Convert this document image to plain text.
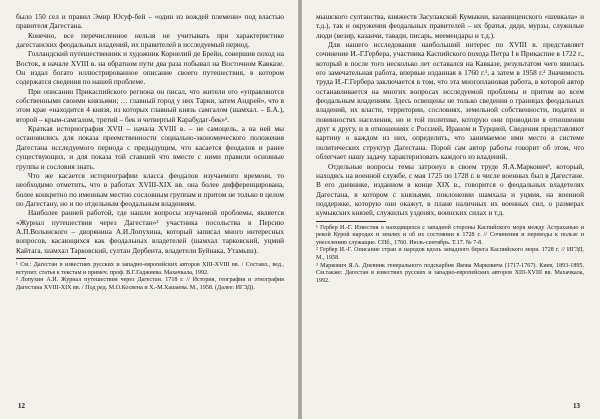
было 150 сел и правил Эмир Юсуф-бей – «один из вождей племени» под властью правителя Дагестана.

Конечно, все перечисленное нельзя не учитывать при характеристике дагестанских феодальных владений, их правителей в исследуемый период.

Голландский путешественник и художник Корнелий де Брейн, совершив поход на Восток, в начале XVIII в. на обратном пути два раза побывал на Восточном Кавказе. Он издал богато иллюстрированное описание своего путешествия, в котором содержатся сведения по нашей проблеме.

При описании Прикаспийского региона он писал, что жители его «управляются собственными своими князьями; … главный город у них Тарки, затем Андрей», что в этом крае «находится 4 князя, из которых главный князь самгалом (шамхал. – Б.А.), второй – крым-самгалом, третий – бек и четвертый Карабудаг-бек»¹.

Краткая историография XVII – начала XVIII в. – не самоцель, а на ней мы остановились для показа преемственности социально-экономического положения Дагестана исследуемого периода с предыдущим, что касается феодалов и ранее существующих, и для показа той ставшей что вместе с ними правили основные группы и сословия знать.

Что же касается историографии класса феодалов изучаемого времени, то необходимо отметить, что в работах XVIII-XIX вв. она более дифференцирована, более конкретно по именным местно сословным группам и притом не только в целом по Дагестану, но и по отдельным феодальным владениям.

Наиболее ранней работой, где нашли вопросы изучаемой проблемы, является «Журнал путешествия через Дагестан»² участника посольства в Персию А.П.Волынского – дворянина А.И.Лопухина, который записал много интересных вопросов, касающихся как феодальных владетелей (шамхал тарковский, уцмий Кайтага, шамхал Тарковский, султан Дербента, владетели Буйнака, Утамыш).

¹ См.: Дагестан в известиях русских и западно-европейских авторов XIII-XVIII вв. / Составл., вед., вступит. статья к текстам и примеч. проф. В.Г.Гаджиева. Махачкала, 1992.

² Лопухин А.И. Журнал путешествия через Дагестан. 1718 г. // История, география и этнография Дагестана XVIII-XIX вв. / Под ред. М.О.Косвена и Х.-М.Хашаева. М., 1958. (Далее: ИГЭД).

12

мышского султанства, княжеств Засулакской Кумыкии, казанищенского «шевкала» и т.д.), так и окружения феодальных правителей – их братья, дяди, мурзы, служилые люди (везир, казанчи, тавади, писарь, меемендары и т.д.).

Для нашего исследования наибольший интерес по XVIII в. представляет сочинение И.-Г.Гербера, участника Каспийского похода Петра I в Прикаспие в 1722 г., который в после того несколько лет оставался на Кавказе, результатом чего явилась его замечательная работа, впервые изданная в 1760 г.¹, а затем в 1958 г.² Значимость труда И.-Г.Гербера заключается в том, что эта многоплановая работа, в которой автор останавливается на многих вопросах исследуемой проблемы и притом во всем феодальным владениям. Здесь освещены не только сведения о границах феодальных владений, их власти, территории, сословиях, земельной собственности, податях и повинностях населения, но и той политике, которую они проводили в отношении друг к другу, и в отношениях с Россией, Ираном и Турцией, Сведения представляют картину о каждом из них, определить, что занимаемое ими место в системе политических структур Дагестана. Порой сам автор работы говорит об этом, что облегчает нашу задачу характеризовать каждого из владений.

Отдельные вопросы темы затронул в своем труде Я.А.Маркович³, который, находясь на военной службе, с мая 1725 по 1728 г. в числе военных был в Дагестане. В его дневнике, изданном в конце XIX в., говорится о феодальных владетелях Дагестана, в котором с князьями, поклонении шамхала и уцмия, на военной поддержке, которую они окажут, в плане наличных их военных сил, о размерах кумыкских князей, служилых узденях, воинских силах и т.д.

¹ Гербер И.-Г. Известия о находящихся с западной стороны Каспийского моря между Астраханью и рекой Курой народах и землях и об их состоянии в 1728 г. // Сочинения и переводы к пользе и увеселению служащие. СПб., 1760. Июль-сентябрь. Т.17. № 7-8.

² Гербер И.-Г. Описание стран и народов вдоль западного берега Каспийского моря. 1728 г. // ИГЭД. М., 1958.

³ Маркович Я.А. Дневник генерального подскарбия Якова Марковича (1717-1767). Киев, 1893-1895. См.также: Дагестан в известиях русских и западно-европейских авторов XIII-XVIII вв. Махачкала, 1992.

13
